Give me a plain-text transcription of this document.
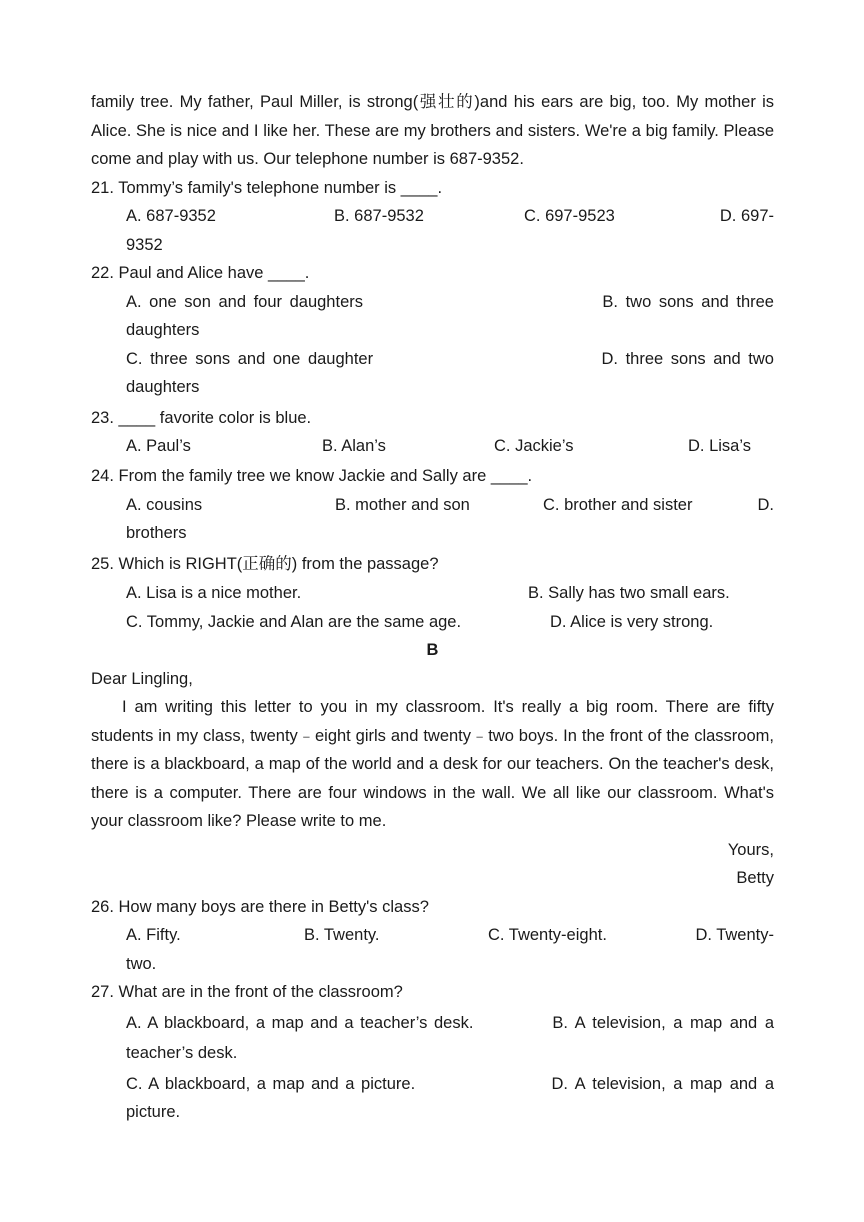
family tree. My father, Paul Miller, is strong(强壮的)and his ears are big, too. My mother is Alice. She is nice and I like her. These are my brothers and sisters. We're a big family. Please come and play with us. Our telephone number is 687-9352.

21. Tommy’s family's telephone number is ____.

A. 687-9352	B. 687-9532	C. 697-9523	D. 697-
9352

22. Paul and Alice have ____.

A. one son and four daughters	B. two sons and three
daughters
C. three sons and one daughter	D. three sons and two
daughters

23. ____ favorite color is blue.

A. Paul’s	B. Alan’s	C. Jackie’s	D. Lisa’s

24. From the family tree we know Jackie and Sally are ____.

A. cousins	B. mother and son	C. brother and sister	D.
brothers

25. Which is RIGHT(正确的) from the passage?

A. Lisa is a nice mother.	B. Sally has two small ears.
C. Tommy, Jackie and Alan are the same age.	D. Alice is very strong.

B

Dear Lingling,

I am writing this letter to you in my classroom. It's really a big room. There are fifty students in my class, twenty﹣eight girls and twenty﹣two boys. In the front of the classroom, there is a blackboard, a map of the world and a desk for our teachers. On the teacher's desk, there is a computer. There are four windows in the wall. We all like our classroom. What's your classroom like? Please write to me.

Yours,

Betty

26. How many boys are there in Betty's class?

A. Fifty.	B. Twenty.	C. Twenty-eight.	D. Twenty-
two.

27. What are in the front of the classroom?

A. A blackboard, a map and a teacher’s desk.	B. A television, a map and a
teacher’s desk.
C. A blackboard, a map and a picture.	D. A television, a map and a
picture.
